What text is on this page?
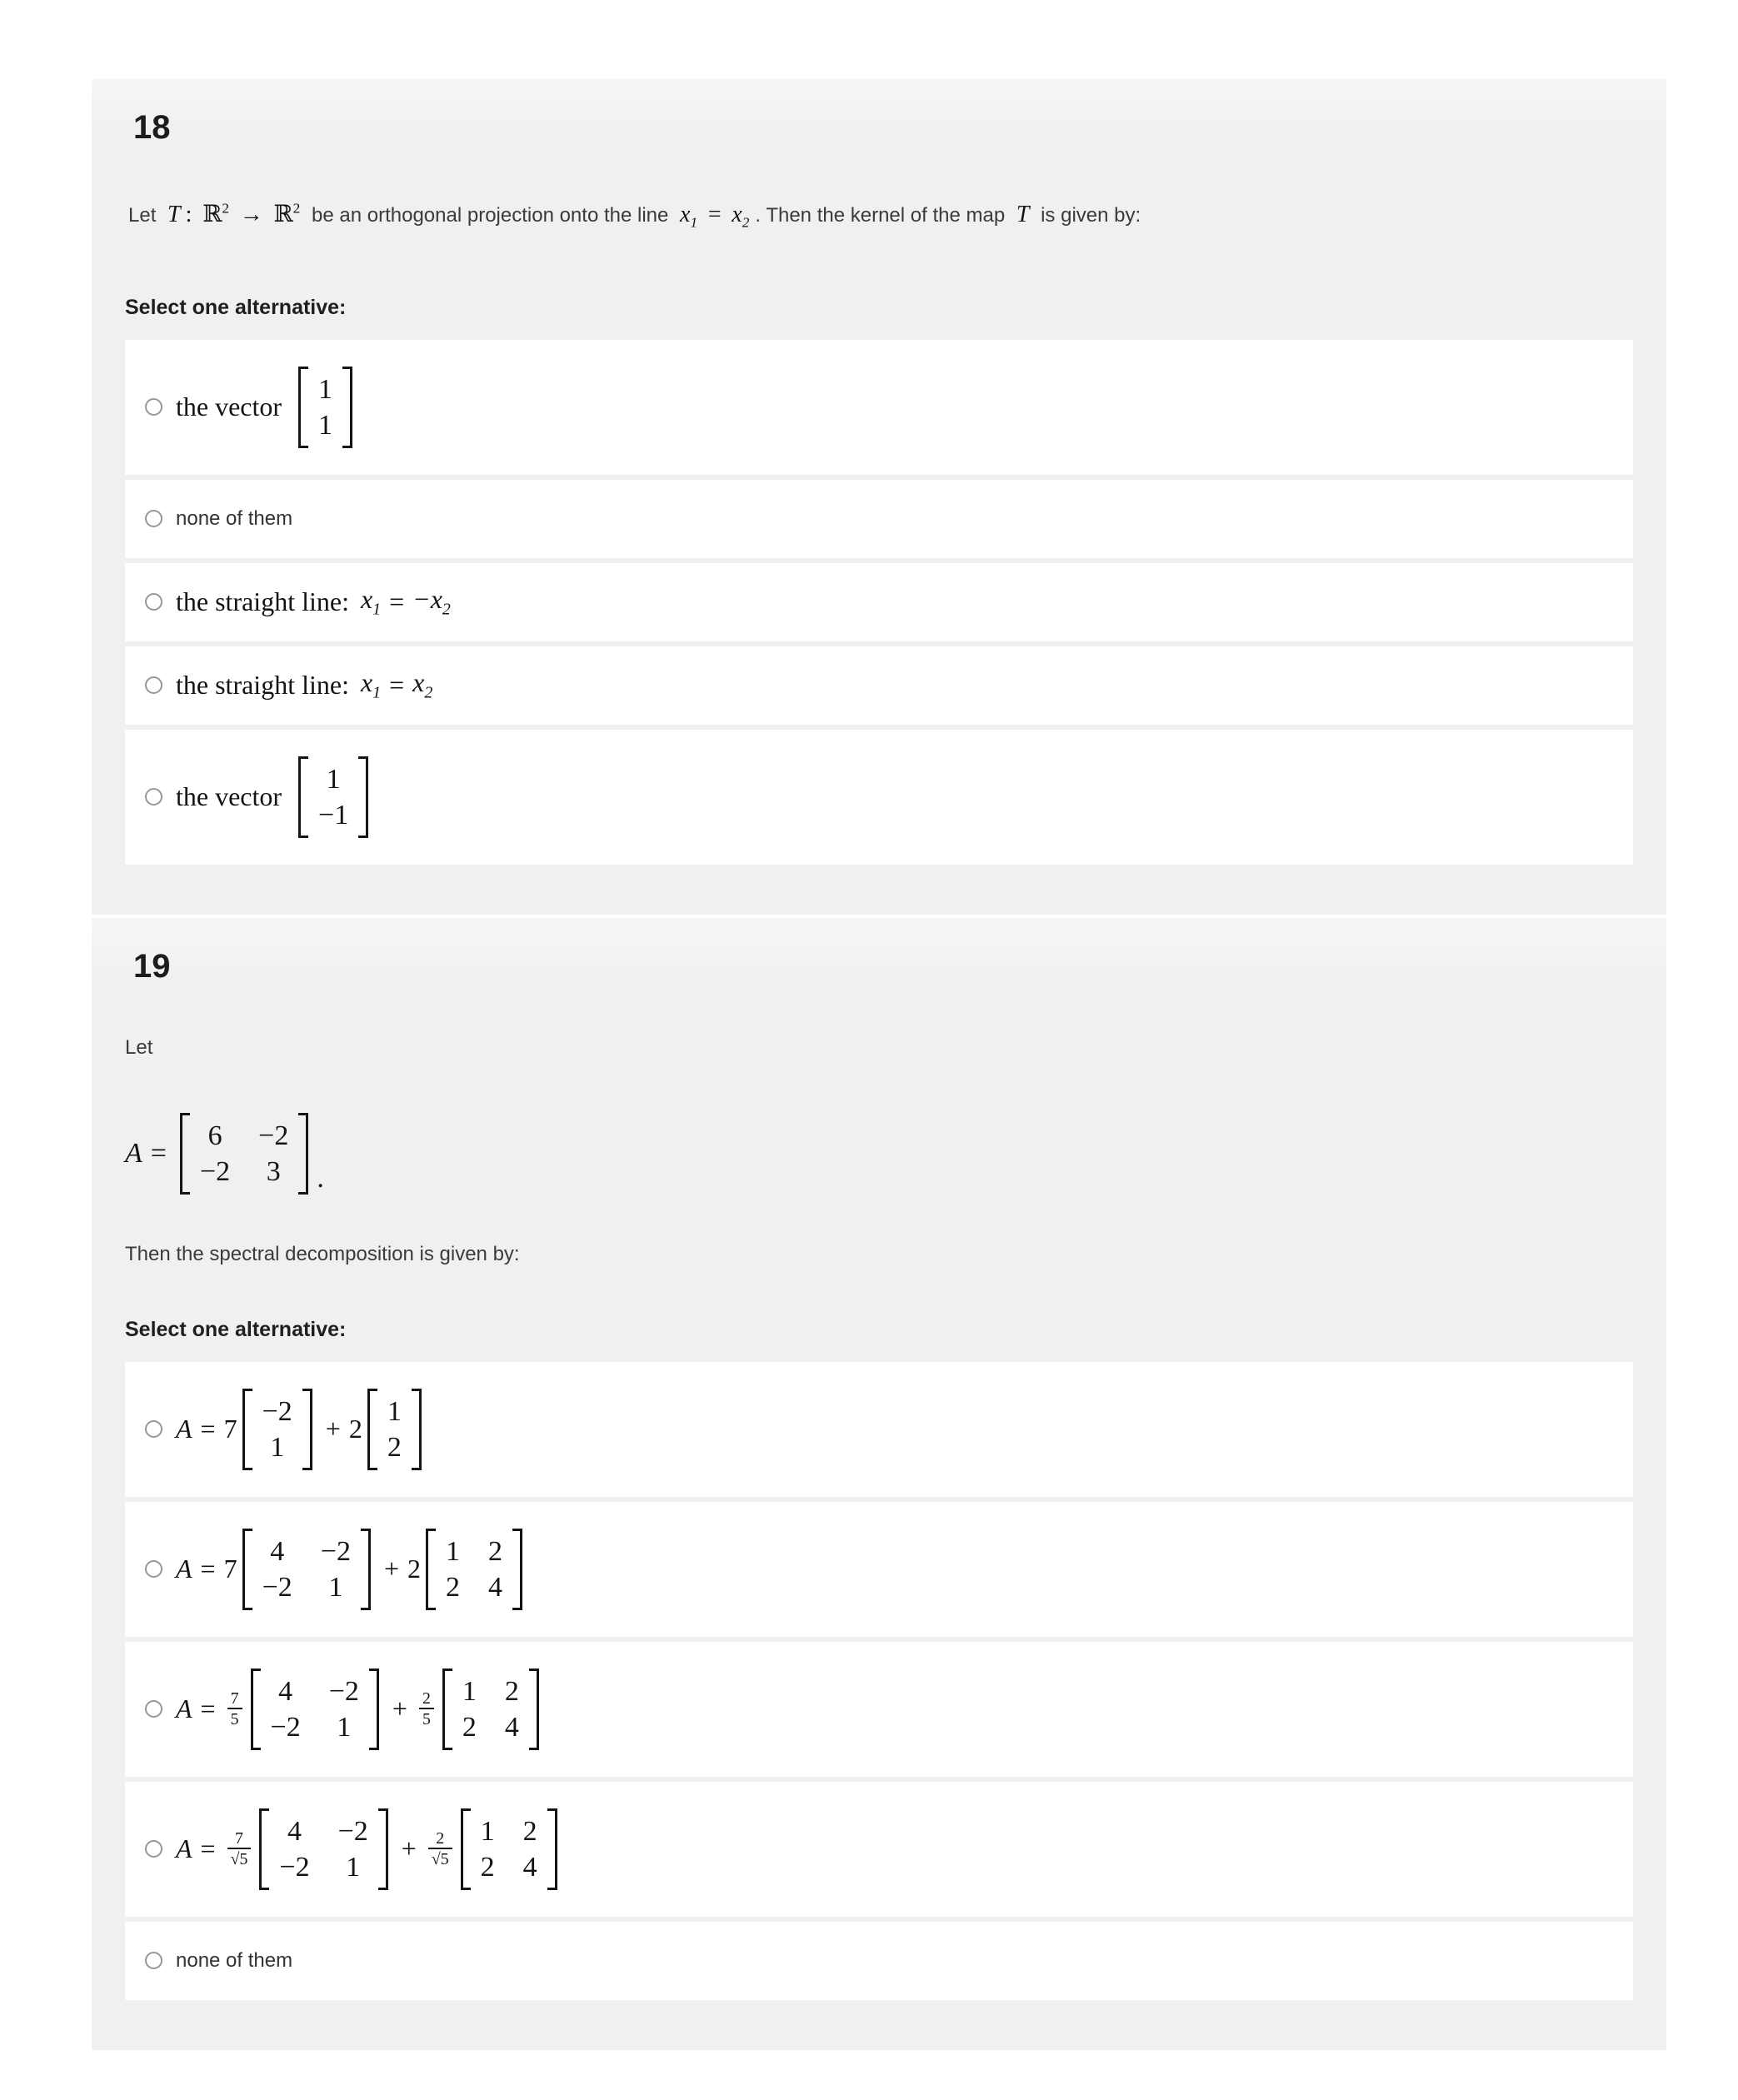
18

Let T : ℝ$^2$ → ℝ$^2$ be an orthogonal projection onto the line $x_1 = x_2$ . Then the kernel of the map T is given by:

Select one alternative:

the vector
1
1
none of them
the straight line: $x_1 = -x_2$
the straight line: $x_1 = x_2$
the vector
1
−1
19

Let

A =
6 −2
−2 3 .

Then the spectral decomposition is given by:

Select one alternative:

A = 7
−2
1
+ 2
1
2
A = 7
4 −2
−2 1
+ 2
1 2
2 4
$A = \frac{7}{5} 4 -2$
−2 1
+ $\frac{2}{5} 1$ 2
2 4
$A = \frac{7}{√5} 4 -2$
−2 1
+ $\frac{2}{√5} 1$ 2
2 4
none of them
